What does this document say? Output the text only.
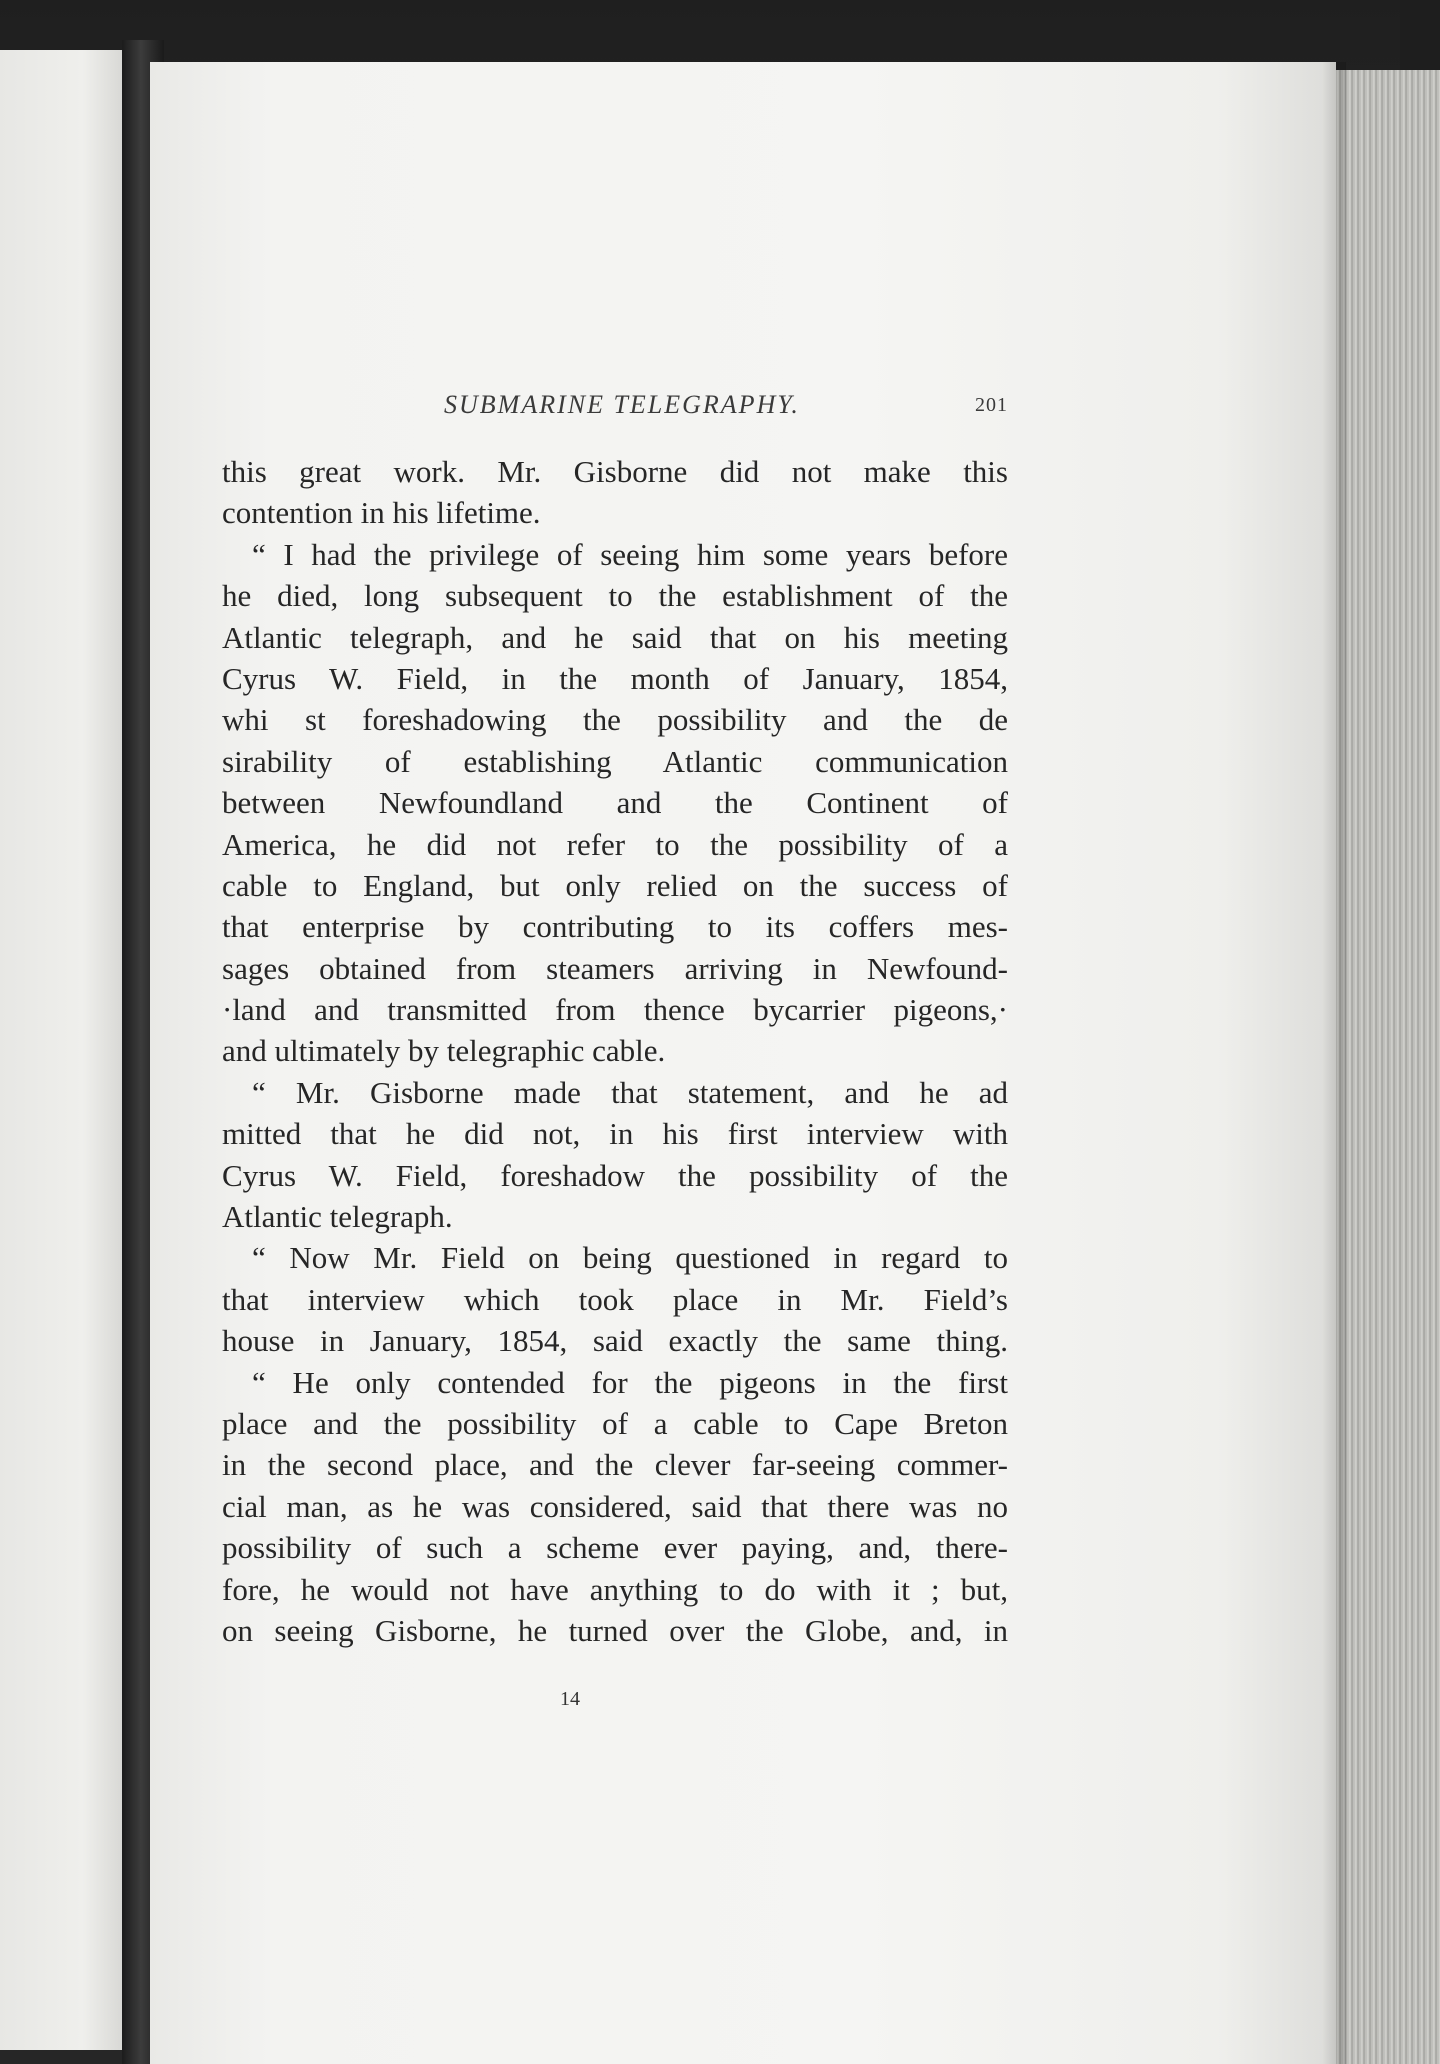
SUBMARINE TELEGRAPHY.	201
this great work. Mr. Gisborne did not make this
contention in his lifetime.
“ I had the privilege of seeing him some years before
he died, long subsequent to the establishment of the
Atlantic telegraph, and he said that on his meeting
Cyrus W. Field, in the month of January, 1854,
whi st foreshadowing the possibility and the de
sirability of establishing Atlantic communication
between Newfoundland and the Continent of
America, he did not refer to the possibility of a
cable to England, but only relied on the success of
that enterprise by contributing to its coffers mes-
sages obtained from steamers arriving in Newfound-
·land and transmitted from thence bycarrier pigeons,·
and ultimately by telegraphic cable.
“ Mr. Gisborne made that statement, and he ad
mitted that he did not, in his first interview with
Cyrus W. Field, foreshadow the possibility of the
Atlantic telegraph.
“ Now Mr. Field on being questioned in regard to
that interview which took place in Mr. Field’s
house in January, 1854, said exactly the same thing.
“ He only contended for the pigeons in the first
place and the possibility of a cable to Cape Breton
in the second place, and the clever far-seeing commer-
cial man, as he was considered, said that there was no
possibility of such a scheme ever paying, and, there-
fore, he would not have anything to do with it ; but,
on seeing Gisborne, he turned over the Globe, and, in
14
